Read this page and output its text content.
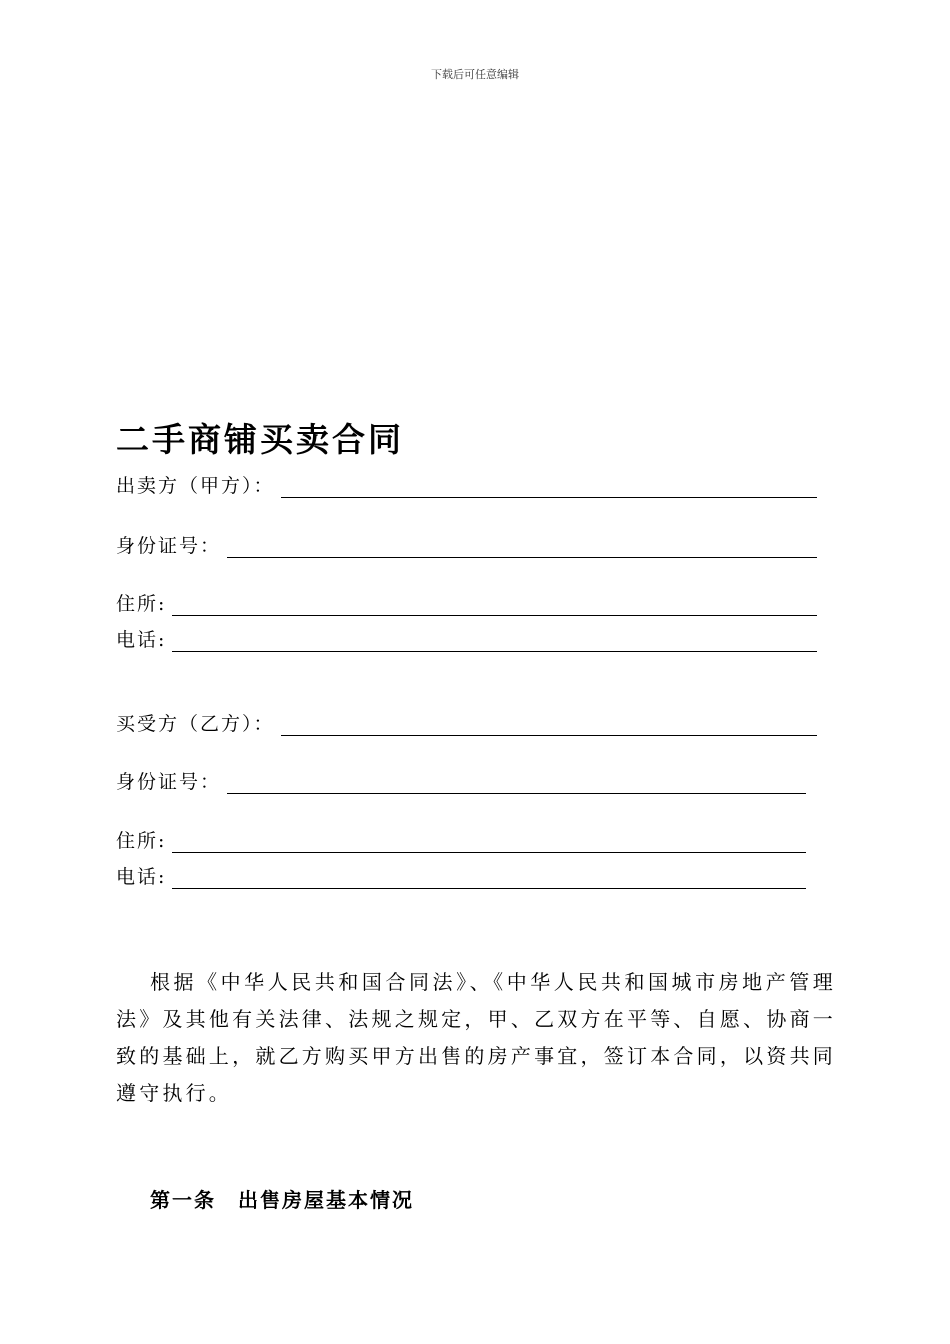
下载后可任意编辑
二手商铺买卖合同
出卖方（甲方）：
身份证号：
住所:
电话:
买受方（乙方）：
身份证号：
住所:
电话:

根据《中华人民共和国合同法》、《中华人民共和国城市房地产管理法》及其他有关法律、法规之规定，甲、乙双方在平等、自愿、协商一致的基础上，就乙方购买甲方出售的房产事宜，签订本合同，以资共同遵守执行。

第一条 出售房屋基本情况
